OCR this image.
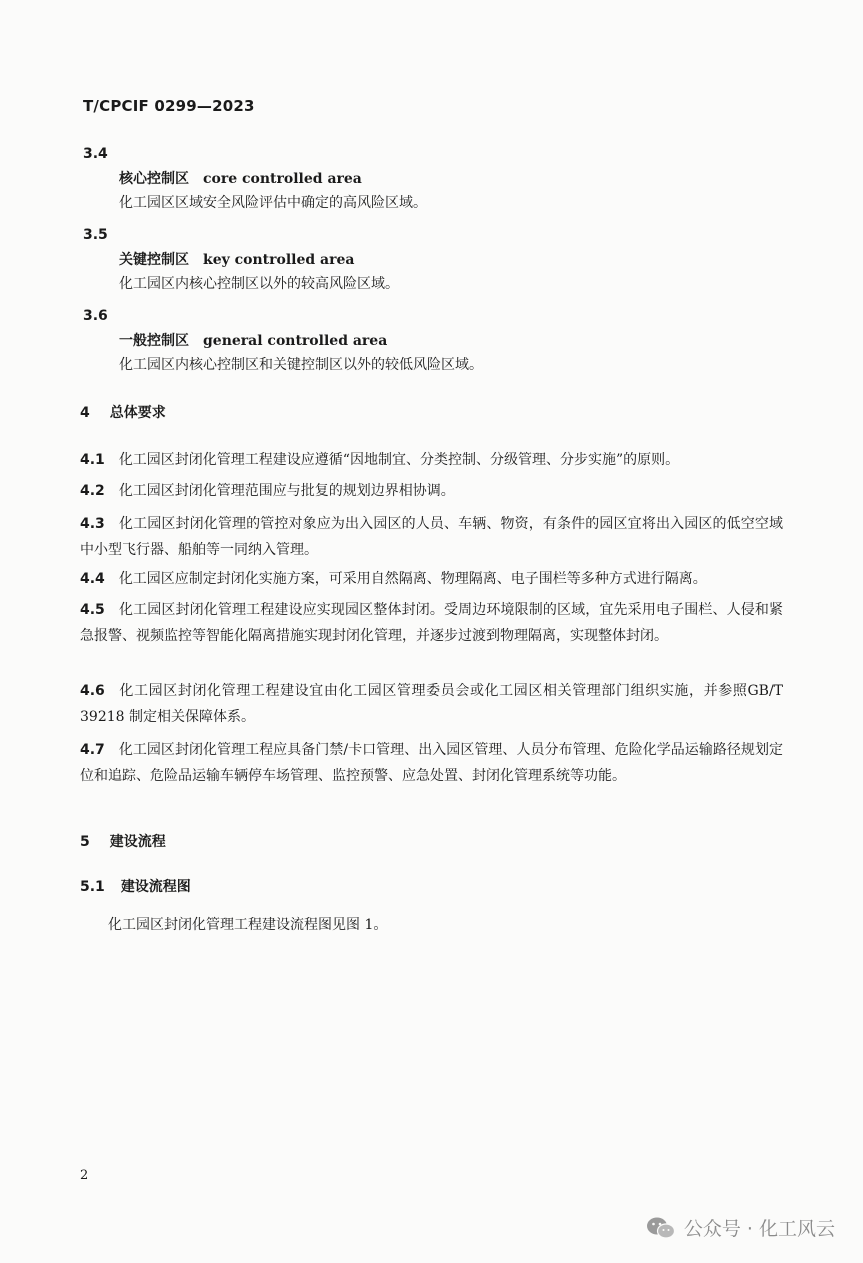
T/CPCIF 0299—2023
3.4
核心控制区 core controlled area
化工园区区域安全风险评估中确定的高风险区域。
3.5
关键控制区 key controlled area
化工园区内核心控制区以外的较高风险区域。
3.6
一般控制区 general controlled area
化工园区内核心控制区和关键控制区以外的较低风险区域。
4 总体要求
4.1 化工园区封闭化管理工程建设应遵循“因地制宜、分类控制、分级管理、分步实施”的原则。
4.2 化工园区封闭化管理范围应与批复的规划边界相协调。
4.3 化工园区封闭化管理的管控对象应为出入园区的人员、车辆、物资，有条件的园区宜将出入园区的低空空域中小型飞行器、船舶等一同纳入管理。
4.4 化工园区应制定封闭化实施方案，可采用自然隔离、物理隔离、电子围栏等多种方式进行隔离。
4.5 化工园区封闭化管理工程建设应实现园区整体封闭。受周边环境限制的区域，宜先采用电子围栏、人侵和紧急报警、视频监控等智能化隔离措施实现封闭化管理，并逐步过渡到物理隔离，实现整体封闭。
4.6 化工园区封闭化管理工程建设宜由化工园区管理委员会或化工园区相关管理部门组织实施，并参照GB/T 39218 制定相关保障体系。
4.7 化工园区封闭化管理工程应具备门禁/卡口管理、出入园区管理、人员分布管理、危险化学品运输路径规划定位和追踪、危险品运输车辆停车场管理、监控预警、应急处置、封闭化管理系统等功能。
5 建设流程
5.1 建设流程图
化工园区封闭化管理工程建设流程图见图 1。
2
公众号 · 化工风云
